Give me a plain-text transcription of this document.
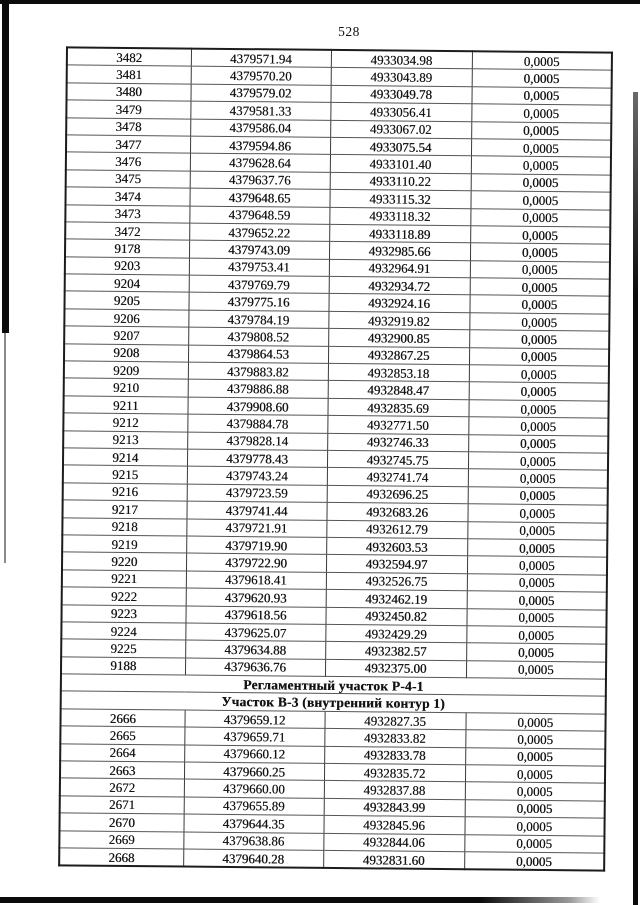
528
3482	4379571.94	4933034.98	0,0005
3481	4379570.20	4933043.89	0,0005
3480	4379579.02	4933049.78	0,0005
3479	4379581.33	4933056.41	0,0005
3478	4379586.04	4933067.02	0,0005
3477	4379594.86	4933075.54	0,0005
3476	4379628.64	4933101.40	0,0005
3475	4379637.76	4933110.22	0,0005
3474	4379648.65	4933115.32	0,0005
3473	4379648.59	4933118.32	0,0005
3472	4379652.22	4933118.89	0,0005
9178	4379743.09	4932985.66	0,0005
9203	4379753.41	4932964.91	0,0005
9204	4379769.79	4932934.72	0,0005
9205	4379775.16	4932924.16	0,0005
9206	4379784.19	4932919.82	0,0005
9207	4379808.52	4932900.85	0,0005
9208	4379864.53	4932867.25	0,0005
9209	4379883.82	4932853.18	0,0005
9210	4379886.88	4932848.47	0,0005
9211	4379908.60	4932835.69	0,0005
9212	4379884.78	4932771.50	0,0005
9213	4379828.14	4932746.33	0,0005
9214	4379778.43	4932745.75	0,0005
9215	4379743.24	4932741.74	0,0005
9216	4379723.59	4932696.25	0,0005
9217	4379741.44	4932683.26	0,0005
9218	4379721.91	4932612.79	0,0005
9219	4379719.90	4932603.53	0,0005
9220	4379722.90	4932594.97	0,0005
9221	4379618.41	4932526.75	0,0005
9222	4379620.93	4932462.19	0,0005
9223	4379618.56	4932450.82	0,0005
9224	4379625.07	4932429.29	0,0005
9225	4379634.88	4932382.57	0,0005
9188	4379636.76	4932375.00	0,0005
Регламентный участок Р-4-1			
Участок В-3 (внутренний контур 1)			
2666	4379659.12	4932827.35	0,0005
2665	4379659.71	4932833.82	0,0005
2664	4379660.12	4932833.78	0,0005
2663	4379660.25	4932835.72	0,0005
2672	4379660.00	4932837.88	0,0005
2671	4379655.89	4932843.99	0,0005
2670	4379644.35	4932845.96	0,0005
2669	4379638.86	4932844.06	0,0005
2668	4379640.28	4932831.60	0,0005
